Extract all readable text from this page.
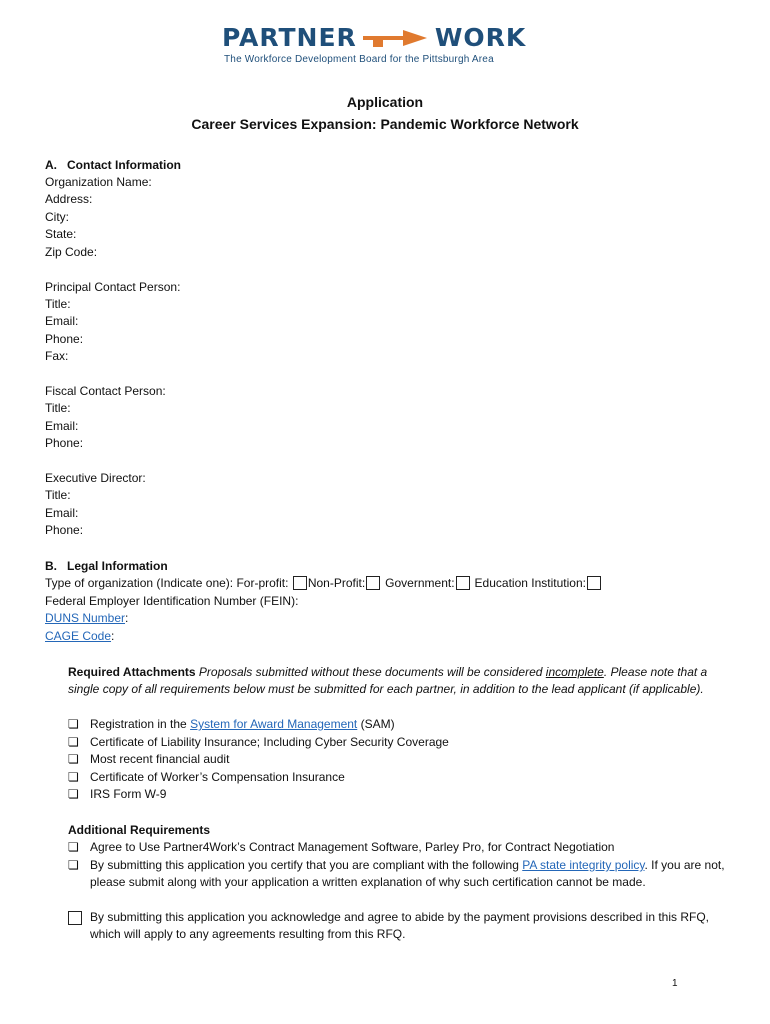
PARTNER	WORK
The Workforce Development Board for the Pittsburgh Area
Application
Career Services Expansion: Pandemic Workforce Network
A. Contact Information
Organization Name:
Address:
City:
State:
Zip Code:
Principal Contact Person:
Title:
Email:
Phone:
Fax:
Fiscal Contact Person:
Title:
Email:
Phone:
Executive Director:
Title:
Email:
Phone:
B. Legal Information
Type of organization (Indicate one): For-profit: Non-Profit: Government: Education Institution:
Federal Employer Identification Number (FEIN):
DUNS Number:
CAGE Code:
Required Attachments Proposals submitted without these documents will be considered incomplete. Please note that a single copy of all requirements below must be submitted for each partner, in addition to the lead applicant (if applicable).
❏ Registration in the System for Award Management (SAM)
❏ Certificate of Liability Insurance; Including Cyber Security Coverage
❏ Most recent financial audit
❏ Certificate of Worker’s Compensation Insurance
❏ IRS Form W-9
Additional Requirements
❏ Agree to Use Partner4Work’s Contract Management Software, Parley Pro, for Contract Negotiation
❏ By submitting this application you certify that you are compliant with the following PA state integrity policy. If you are not, please submit along with your application a written explanation of why such certification cannot be made.
By submitting this application you acknowledge and agree to abide by the payment provisions described in this RFQ, which will apply to any agreements resulting from this RFQ.
1
